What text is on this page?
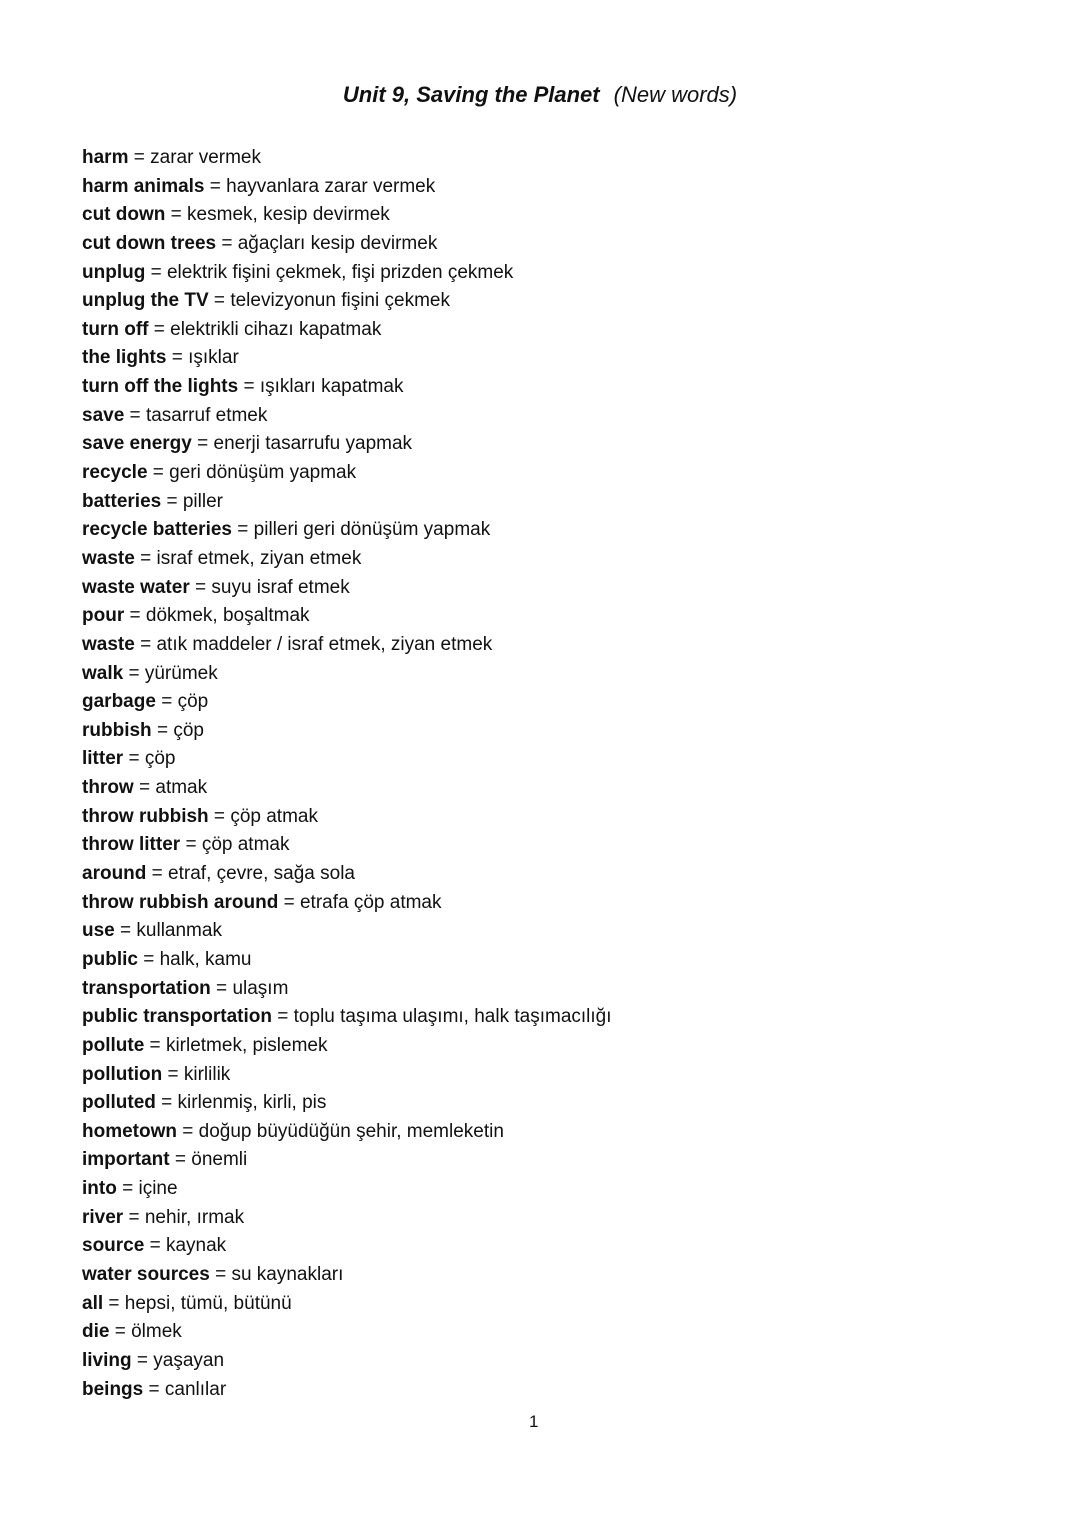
Unit 9, Saving the Planet (New words)
harm = zarar vermek
harm animals = hayvanlara zarar vermek
cut down = kesmek, kesip devirmek
cut down trees = ağaçları kesip devirmek
unplug = elektrik fişini çekmek, fişi prizden çekmek
unplug the TV = televizyonun fişini çekmek
turn off = elektrikli cihazı kapatmak
the lights = ışıklar
turn off the lights = ışıkları kapatmak
save = tasarruf etmek
save energy = enerji tasarrufu yapmak
recycle = geri dönüşüm yapmak
batteries = piller
recycle batteries = pilleri geri dönüşüm yapmak
waste = israf etmek, ziyan etmek
waste water = suyu israf etmek
pour = dökmek, boşaltmak
waste = atık maddeler / israf etmek, ziyan etmek
walk = yürümek
garbage = çöp
rubbish = çöp
litter = çöp
throw = atmak
throw rubbish = çöp atmak
throw litter = çöp atmak
around = etraf, çevre, sağa sola
throw rubbish around = etrafa çöp atmak
use = kullanmak
public = halk, kamu
transportation = ulaşım
public transportation = toplu taşıma ulaşımı, halk taşımacılığı
pollute = kirletmek, pislemek
pollution = kirlilik
polluted = kirlenmiş, kirli, pis
hometown = doğup büyüdüğün şehir, memleketin
important = önemli
into = içine
river = nehir, ırmak
source = kaynak
water sources = su kaynakları
all = hepsi, tümü, bütünü
die = ölmek
living = yaşayan
beings = canlılar
1
